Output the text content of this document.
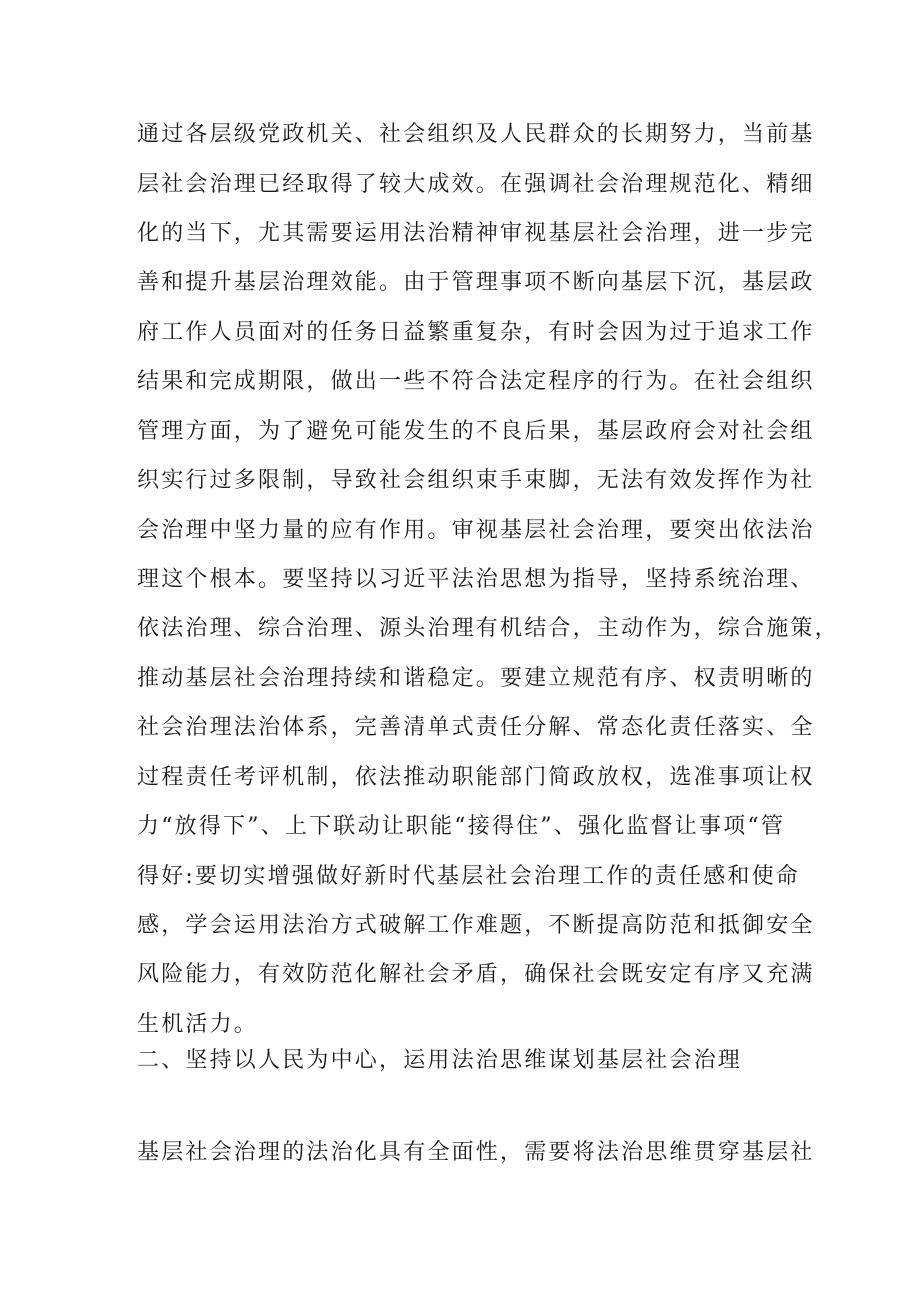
通过各层级党政机关、社会组织及人民群众的长期努力，当前基
层社会治理已经取得了较大成效。在强调社会治理规范化、精细
化的当下，尤其需要运用法治精神审视基层社会治理，进一步完
善和提升基层治理效能。由于管理事项不断向基层下沉，基层政
府工作人员面对的任务日益繁重复杂，有时会因为过于追求工作
结果和完成期限，做出一些不符合法定程序的行为。在社会组织
管理方面，为了避免可能发生的不良后果，基层政府会对社会组
织实行过多限制，导致社会组织束手束脚，无法有效发挥作为社
会治理中坚力量的应有作用。审视基层社会治理，要突出依法治
理这个根本。要坚持以习近平法治思想为指导，坚持系统治理、
依法治理、综合治理、源头治理有机结合，主动作为，综合施策，
推动基层社会治理持续和谐稳定。要建立规范有序、权责明晰的
社会治理法治体系，完善清单式责任分解、常态化责任落实、全
过程责任考评机制，依法推动职能部门简政放权，选准事项让权
力“放得下”、上下联动让职能“接得住”、强化监督让事项“管
得好:要切实增强做好新时代基层社会治理工作的责任感和使命
感，学会运用法治方式破解工作难题，不断提高防范和抵御安全
风险能力，有效防范化解社会矛盾，确保社会既安定有序又充满
生机活力。
二、坚持以人民为中心，运用法治思维谋划基层社会治理
基层社会治理的法治化具有全面性，需要将法治思维贯穿基层社
